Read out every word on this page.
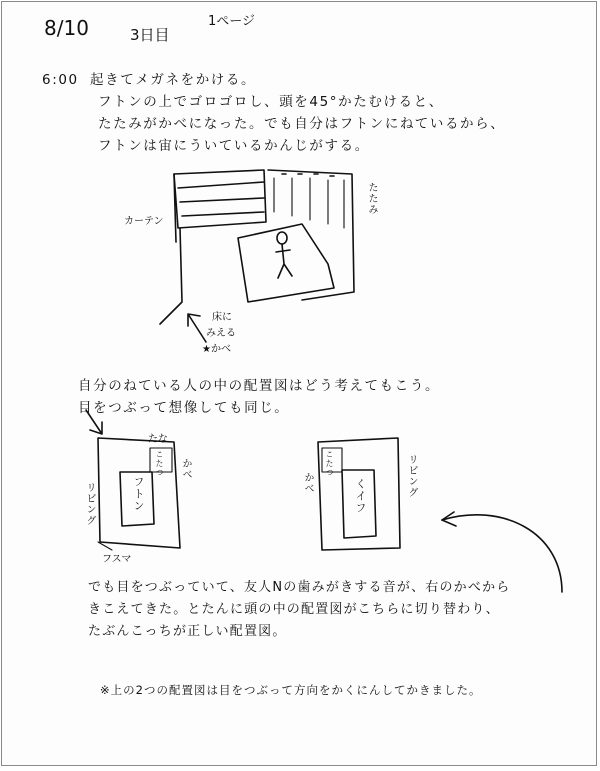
8/10	3日目
1ページ
6:00 起きてメガネをかける。
フトンの上でゴロゴロし、頭を45°かたむけると、
たたみがかべになった。でも自分はフトンにねているから、
フトンは宙にういているかんじがする。
カーテン
たたみ
床に
みえる
★かべ
自分のねている人の中の配置図はどう考えてもこう。
目をつぶって想像しても同じ。
たな
こたつ かべ
フトン
リビング
フスマ
こたつ
かべ	くイフ	リビング
でも目をつぶっていて、友人Nの歯みがきする音が、右のかべから
きこえてきた。とたんに頭の中の配置図がこちらに切り替わり、
たぶんこっちが正しい配置図。
※上の2つの配置図は目をつぶって方向をかくにんしてかきました。
